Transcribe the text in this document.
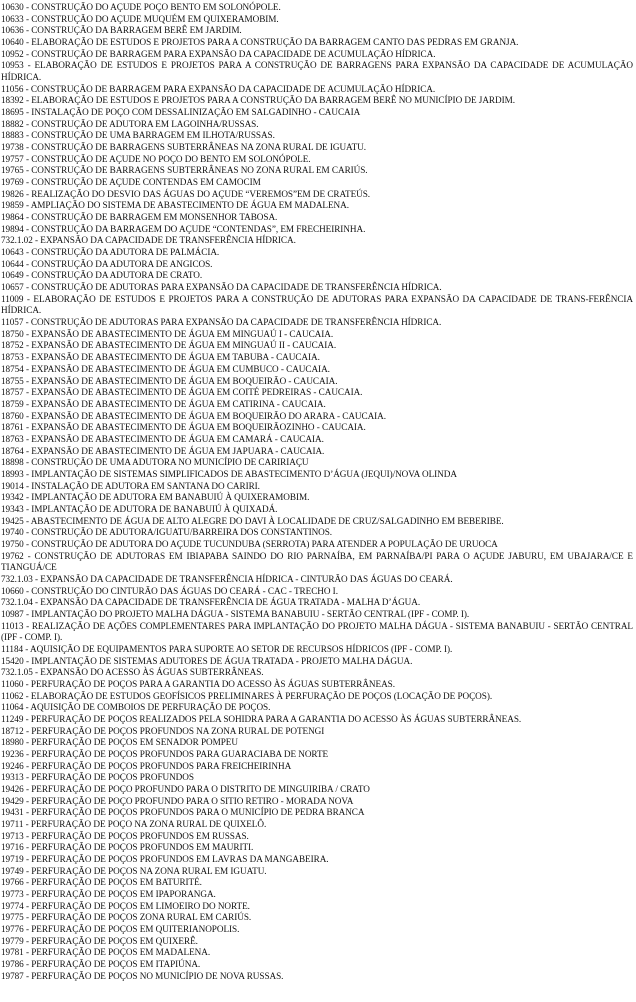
10630 - CONSTRUÇÃO DO AÇUDE POÇO BENTO EM SOLONÓPOLE.

10633 - CONSTRUÇÃO DO AÇUDE MUQUÉM EM QUIXERAMOBIM.

10636 - CONSTRUÇÃO DA BARRAGEM BERÊ EM JARDIM.

10640 - ELABORAÇÃO DE ESTUDOS E PROJETOS PARA A CONSTRUÇÃO DA BARRAGEM CANTO DAS PEDRAS EM GRANJA.

10952 - CONSTRUÇÃO DE BARRAGEM PARA EXPANSÃO DA CAPACIDADE DE ACUMULAÇÃO HÍDRICA.

10953 - ELABORAÇÃO DE ESTUDOS E PROJETOS PARA A CONSTRUÇÃO DE BARRAGENS PARA EXPANSÃO DA CAPACIDADE DE ACUMULAÇÃO HÍDRICA.

11056 - CONSTRUÇÃO DE BARRAGEM PARA EXPANSÃO DA CAPACIDADE DE ACUMULAÇÃO HÍDRICA.

18392 - ELABORAÇÃO DE ESTUDOS E PROJETOS PARA A CONSTRUÇÃO DA BARRAGEM BERÊ NO MUNICÍPIO DE JARDIM.

18695 - INSTALAÇÃO DE POÇO COM DESSALINIZAÇÃO EM SALGADINHO - CAUCAIA

18882 - CONSTRUÇÃO DE ADUTORA EM LAGOINHA/RUSSAS.

18883 - CONSTRUÇÃO DE UMA BARRAGEM EM ILHOTA/RUSSAS.

19738 - CONSTRUÇÃO DE BARRAGENS SUBTERRÂNEAS NA ZONA RURAL DE IGUATU.

19757 - CONSTRUÇÃO DE AÇUDE NO POÇO DO BENTO EM SOLONÓPOLE.

19765 - CONSTRUÇÃO DE BARRAGENS SUBTERRÂNEAS NO ZONA RURAL EM CARIÚS.

19769 - CONSTRUÇÃO DE AÇUDE CONTENDAS EM CAMOCIM

19826 - REALIZAÇÃO DO DESVIO DAS ÁGUAS DO AÇUDE “VEREMOS”EM DE CRATEÚS.

19859 - AMPLIAÇÃO DO SISTEMA DE ABASTECIMENTO DE ÁGUA EM MADALENA.

19864 - CONSTRUÇÃO DE BARRAGEM EM MONSENHOR TABOSA.

19894 - CONSTRUÇÃO DA BARRAGEM DO AÇUDE “CONTENDAS”, EM FRECHEIRINHA.

732.1.02 - EXPANSÃO DA CAPACIDADE DE TRANSFERÊNCIA HÍDRICA.

10643 - CONSTRUÇÃO DA ADUTORA DE PALMÁCIA.

10644 - CONSTRUÇÃO DA ADUTORA DE ANGICOS.

10649 - CONSTRUÇÃO DA ADUTORA DE CRATO.

10657 - CONSTRUÇÃO DE ADUTORAS PARA EXPANSÃO DA CAPACIDADE DE TRANSFERÊNCIA HÍDRICA.

11009 - ELABORAÇÃO DE ESTUDOS E PROJETOS PARA A CONSTRUÇÃO DE ADUTORAS PARA EXPANSÃO DA CAPACIDADE DE TRANS-FERÊNCIA HÍDRICA.

11057 - CONSTRUÇÃO DE ADUTORAS PARA EXPANSÃO DA CAPACIDADE DE TRANSFERÊNCIA HÍDRICA.

18750 - EXPANSÃO DE ABASTECIMENTO DE ÁGUA EM MINGUAÚ I - CAUCAIA.

18752 - EXPANSÃO DE ABASTECIMENTO DE ÁGUA EM MINGUAÚ II - CAUCAIA.

18753 - EXPANSÃO DE ABASTECIMENTO DE ÁGUA EM TABUBA - CAUCAIA.

18754 - EXPANSÃO DE ABASTECIMENTO DE ÁGUA EM CUMBUCO - CAUCAIA.

18755 - EXPANSÃO DE ABASTECIMENTO DE ÁGUA EM BOQUEIRÃO - CAUCAIA.

18757 - EXPANSÃO DE ABASTECIMENTO DE ÁGUA EM COITÉ PEDREIRAS - CAUCAIA.

18759 - EXPANSÃO DE ABASTECIMENTO DE ÁGUA EM CATIRINA - CAUCAIA.

18760 - EXPANSÃO DE ABASTECIMENTO DE ÁGUA EM BOQUEIRÃO DO ARARA - CAUCAIA.

18761 - EXPANSÃO DE ABASTECIMENTO DE ÁGUA EM BOQUEIRÃOZINHO - CAUCAIA.

18763 - EXPANSÃO DE ABASTECIMENTO DE ÁGUA EM CAMARÁ - CAUCAIA.

18764 - EXPANSÃO DE ABASTECIMENTO DE ÁGUA EM JAPUARA - CAUCAIA.

18898 - CONSTRUÇÃO DE UMA ADUTORA NO MUNICÍPIO DE CARIRIAÇU

18993 - IMPLANTAÇÃO DE SISTEMAS SIMPLIFICADOS DE ABASTECIMENTO D’ÁGUA (JEQUI)/NOVA OLINDA

19014 - INSTALAÇÃO DE ADUTORA EM SANTANA DO CARIRI.

19342 - IMPLANTAÇÃO DE ADUTORA EM BANABUIÚ À QUIXERAMOBIM.

19343 - IMPLANTAÇÃO DE ADUTORA DE BANABUIÚ À QUIXADÁ.

19425 - ABASTECIMENTO DE ÁGUA DE ALTO ALEGRE DO DAVI À LOCALIDADE DE CRUZ/SALGADINHO EM BEBERIBE.

19740 - CONSTRUÇÃO DE ADUTORA/IGUATU/BARREIRA DOS CONSTANTINOS.

19750 - CONSTRUÇÃO DE ADUTORA DO AÇUDE TUCUNDUBA (SERROTA) PARA ATENDER A POPULAÇÃO DE URUOCA

19762 - CONSTRUÇÃO DE ADUTORAS EM IBIAPABA SAINDO DO RIO PARNAÍBA, EM PARNAÍBA/PI PARA O AÇUDE JABURU, EM UBAJARA/CE E TIANGUÁ/CE

732.1.03 - EXPANSÃO DA CAPACIDADE DE TRANSFERÊNCIA HÍDRICA - CINTURÃO DAS ÁGUAS DO CEARÁ.

10660 - CONSTRUÇÃO DO CINTURÃO DAS ÁGUAS DO CEARÁ - CAC - TRECHO I.

732.1.04 - EXPANSÃO DA CAPACIDADE DE TRANSFERÊNCIA DE ÁGUA TRATADA - MALHA D’ÁGUA.

10987 - IMPLANTAÇÃO DO PROJETO MALHA DÁGUA - SISTEMA BANABUIU - SERTÃO CENTRAL (IPF - COMP. I).

11013 - REALIZAÇÃO DE AÇÕES COMPLEMENTARES PARA IMPLANTAÇÃO DO PROJETO MALHA DÁGUA - SISTEMA BANABUIU - SERTÃO CENTRAL (IPF - COMP. I).

11184 - AQUISIÇÃO DE EQUIPAMENTOS PARA SUPORTE AO SETOR DE RECURSOS HÍDRICOS (IPF - COMP. I).

15420 - IMPLANTAÇÃO DE SISTEMAS ADUTORES DE ÁGUA TRATADA - PROJETO MALHA DÁGUA.

732.1.05 - EXPANSÃO DO ACESSO ÀS ÁGUAS SUBTERRÂNEAS.

11060 - PERFURAÇÃO DE POÇOS PARA A GARANTIA DO ACESSO ÀS ÁGUAS SUBTERRÂNEAS.

11062 - ELABORAÇÃO DE ESTUDOS GEOFÍSICOS PRELIMINARES À PERFURAÇÃO DE POÇOS (LOCAÇÃO DE POÇOS).

11064 - AQUISIÇÃO DE COMBOIOS DE PERFURAÇÃO DE POÇOS.

11249 - PERFURAÇÃO DE POÇOS REALIZADOS PELA SOHIDRA PARA A GARANTIA DO ACESSO ÀS ÁGUAS SUBTERRÂNEAS.

18712 - PERFURAÇÃO DE POÇOS PROFUNDOS NA ZONA RURAL DE POTENGI

18980 - PERFURAÇÃO DE POÇOS EM SENADOR POMPEU

19236 - PERFURAÇÃO DE POÇOS PROFUNDOS PARA GUARACIABA DE NORTE

19246 - PERFURAÇÃO DE POÇOS PROFUNDOS PARA FREICHEIRINHA

19313 - PERFURAÇÃO DE POÇOS PROFUNDOS

19426 - PERFURAÇÃO DE POÇO PROFUNDO PARA O DISTRITO DE MINGUIRIBA / CRATO

19429 - PERFURAÇÃO DE POÇO PROFUNDO PARA O SITIO RETIRO - MORADA NOVA

19431 - PERFURAÇÃO DE POÇOS PROFUNDOS PARA O MUNICÍPIO DE PEDRA BRANCA

19711 - PERFURAÇÃO DE POÇO NA ZONA RURAL DE QUIXELÔ.

19713 - PERFURAÇÃO DE POÇOS PROFUNDOS EM RUSSAS.

19716 - PERFURAÇÃO DE POÇOS PROFUNDOS EM MAURITI.

19719 - PERFURAÇÃO DE POÇOS PROFUNDOS EM LAVRAS DA MANGABEIRA.

19749 - PERFURAÇÃO DE POÇOS NA ZONA RURAL EM IGUATU.

19766 - PERFURAÇÃO DE POÇOS EM BATURITÉ.

19773 - PERFURAÇÃO DE POÇOS EM IPAPORANGA.

19774 - PERFURAÇÃO DE POÇOS EM LIMOEIRO DO NORTE.

19775 - PERFURAÇÃO DE POÇOS ZONA RURAL EM CARIÚS.

19776 - PERFURAÇÃO DE POÇOS EM QUITERIANOPOLIS.

19779 - PERFURAÇÃO DE POÇOS EM QUIXERÊ.

19781 - PERFURAÇÃO DE POÇOS EM MADALENA.

19786 - PERFURAÇÃO DE POÇOS EM ITAPIÚNA.

19787 - PERFURAÇÃO DE POÇOS NO MUNICÍPIO DE NOVA RUSSAS.
